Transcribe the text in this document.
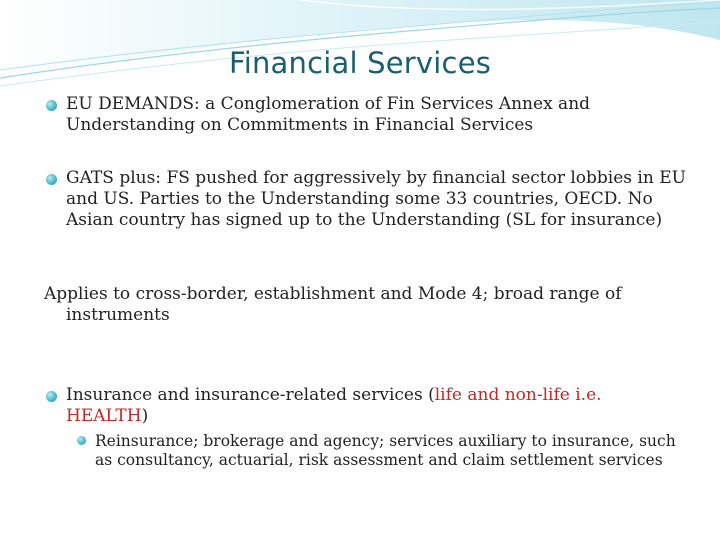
Financial Services
EU DEMANDS: a Conglomeration of Fin Services Annex and Understanding on Commitments in Financial Services
GATS plus: FS pushed for aggressively by financial sector lobbies in EU and US. Parties to the Understanding some 33 countries, OECD. No Asian country has signed up to the Understanding (SL for insurance)
Applies to cross-border, establishment and Mode 4; broad range of
instruments
Insurance and insurance-related services (life and non-life i.e. HEALTH)
Reinsurance; brokerage and agency; services auxiliary to insurance, such as consultancy, actuarial, risk assessment and claim settlement services
